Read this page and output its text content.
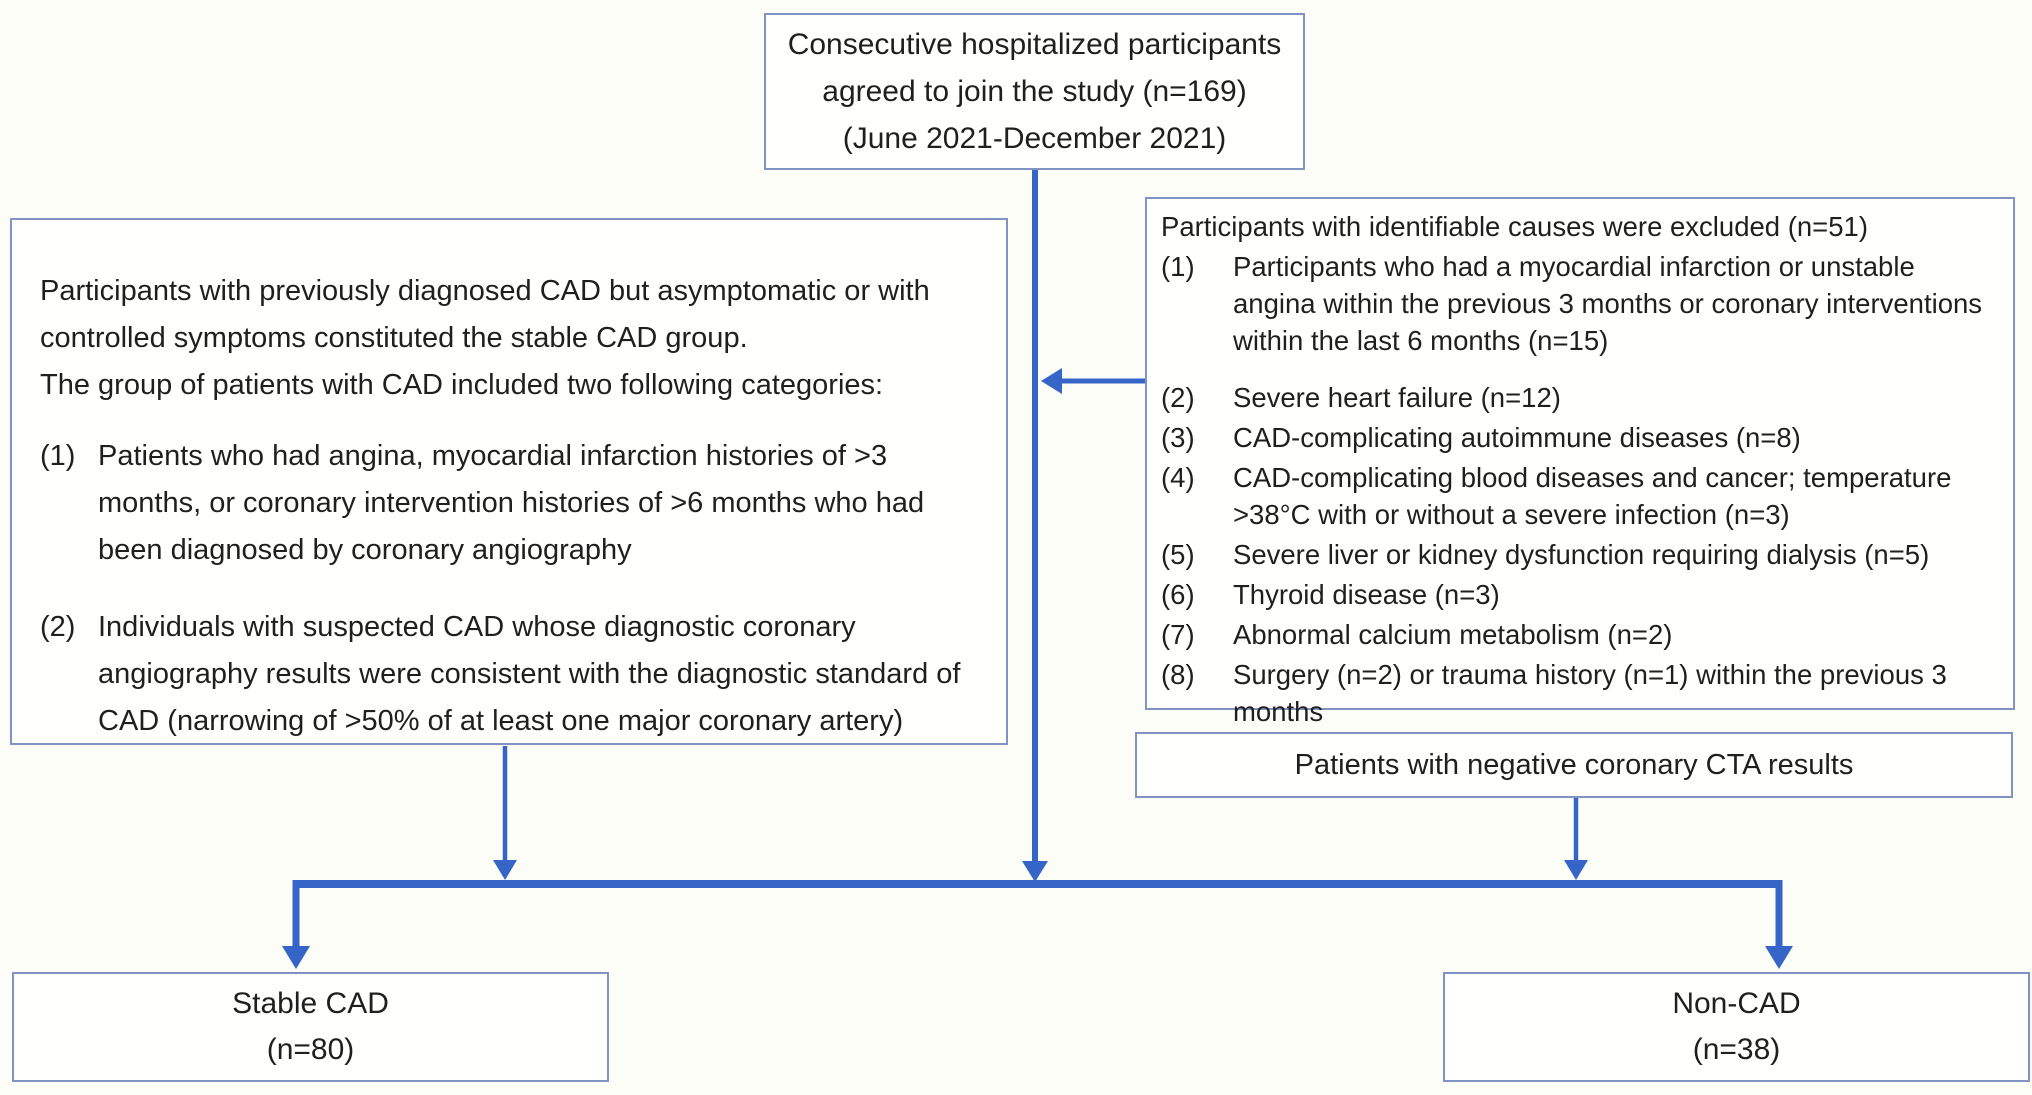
Consecutive hospitalized participants
agreed to join the study (n=169)
(June 2021-December 2021)

Participants with previously diagnosed CAD but asymptomatic or with controlled symptoms constituted the stable CAD group.

The group of patients with CAD included two following categories:

(1) Patients who had angina, myocardial infarction histories of >3 months, or coronary intervention histories of >6 months who had been diagnosed by coronary angiography
(2) Individuals with suspected CAD whose diagnostic coronary angiography results were consistent with the diagnostic standard of CAD (narrowing of >50% of at least one major coronary artery)

Participants with identifiable causes were excluded (n=51)

(1)	Participants who had a myocardial infarction or unstable angina within the previous 3 months or coronary interventions within the last 6 months (n=15)
(2)	Severe heart failure (n=12)
(3)	CAD-complicating autoimmune diseases (n=8)
(4)	CAD-complicating blood diseases and cancer; temperature >38°C with or without a severe infection (n=3)
(5)	Severe liver or kidney dysfunction requiring dialysis (n=5)
(6)	Thyroid disease (n=3)
(7)	Abnormal calcium metabolism (n=2)
(8)	Surgery (n=2) or trauma history (n=1) within the previous 3 months
Patients with negative coronary CTA results
Stable CAD
(n=80)
Non-CAD
(n=38)
